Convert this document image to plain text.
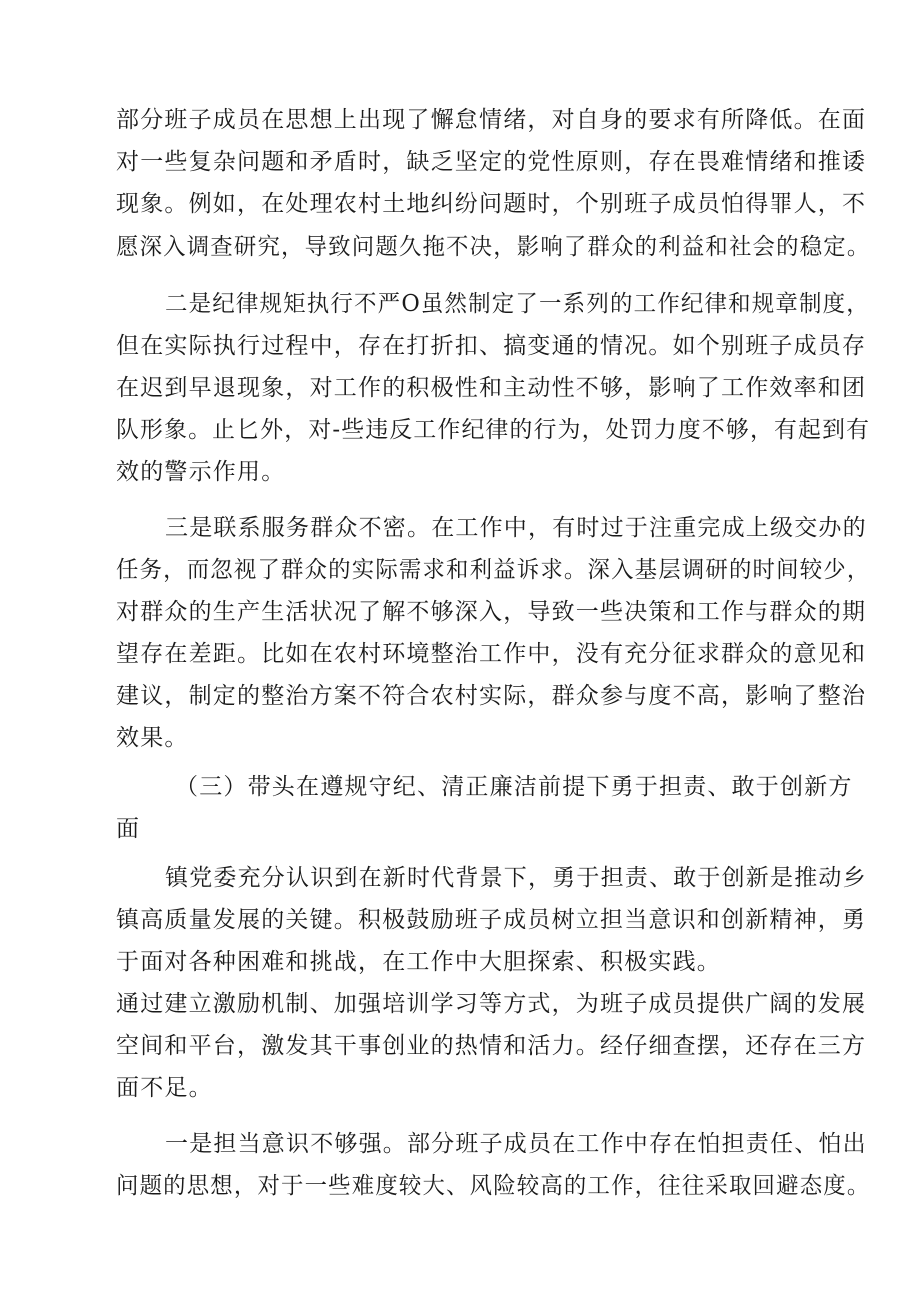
部分班子成员在思想上出现了懈怠情绪，对自身的要求有所降低。在面
对一些复杂问题和矛盾时，缺乏坚定的党性原则，存在畏难情绪和推诿
现象。例如，在处理农村土地纠纷问题时，个别班子成员怕得罪人，不
愿深入调查研究，导致问题久拖不决，影响了群众的利益和社会的稳定。
二是纪律规矩执行不严O虽然制定了一系列的工作纪律和规章制度，
但在实际执行过程中，存在打折扣、搞变通的情况。如个别班子成员存
在迟到早退现象，对工作的积极性和主动性不够，影响了工作效率和团
队形象。止匕外，对-些违反工作纪律的行为，处罚力度不够，有起到有
效的警示作用。
三是联系服务群众不密。在工作中，有时过于注重完成上级交办的
任务，而忽视了群众的实际需求和利益诉求。深入基层调研的时间较少，
对群众的生产生活状况了解不够深入，导致一些决策和工作与群众的期
望存在差距。比如在农村环境整治工作中，没有充分征求群众的意见和
建议，制定的整治方案不符合农村实际，群众参与度不高，影响了整治
效果。
（三）带头在遵规守纪、清正廉洁前提下勇于担责、敢于创新方
面
镇党委充分认识到在新时代背景下，勇于担责、敢于创新是推动乡
镇高质量发展的关键。积极鼓励班子成员树立担当意识和创新精神，勇
于面对各种困难和挑战，在工作中大胆探索、积极实践。
通过建立激励机制、加强培训学习等方式，为班子成员提供广阔的发展
空间和平台，激发其干事创业的热情和活力。经仔细查摆，还存在三方
面不足。
一是担当意识不够强。部分班子成员在工作中存在怕担责任、怕出
问题的思想，对于一些难度较大、风险较高的工作，往往采取回避态度。
